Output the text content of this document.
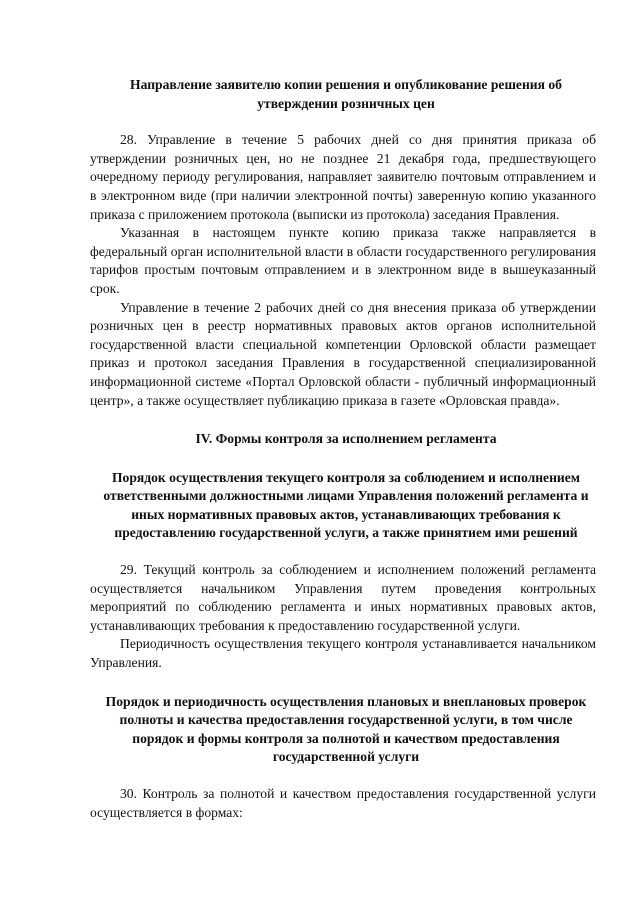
Направление заявителю копии решения и опубликование решения об утверждении розничных цен

28. Управление в течение 5 рабочих дней со дня принятия приказа об утверждении розничных цен, но не позднее 21 декабря года, предшествующего очередному периоду регулирования, направляет заявителю почтовым отправлением и в электронном виде (при наличии электронной почты) заверенную копию указанного приказа с приложением протокола (выписки из протокола) заседания Правления.

Указанная в настоящем пункте копию приказа также направляется в федеральный орган исполнительной власти в области государственного регулирования тарифов простым почтовым отправлением и в электронном виде в вышеуказанный срок.

Управление в течение 2 рабочих дней со дня внесения приказа об утверждении розничных цен в реестр нормативных правовых актов органов исполнительной государственной власти специальной компетенции Орловской области размещает приказ и протокол заседания Правления в государственной специализированной информационной системе «Портал Орловской области - публичный информационный центр», а также осуществляет публикацию приказа в газете «Орловская правда».

IV. Формы контроля за исполнением регламента

Порядок осуществления текущего контроля за соблюдением и исполнением ответственными должностными лицами Управления положений регламента и иных нормативных правовых актов, устанавливающих требования к предоставлению государственной услуги, а также принятием ими решений

29. Текущий контроль за соблюдением и исполнением положений регламента осуществляется начальником Управления путем проведения контрольных мероприятий по соблюдению регламента и иных нормативных правовых актов, устанавливающих требования к предоставлению государственной услуги.

Периодичность осуществления текущего контроля устанавливается начальником Управления.

Порядок и периодичность осуществления плановых и внеплановых проверок полноты и качества предоставления государственной услуги, в том числе порядок и формы контроля за полнотой и качеством предоставления государственной услуги

30. Контроль за полнотой и качеством предоставления государственной услуги осуществляется в формах:
